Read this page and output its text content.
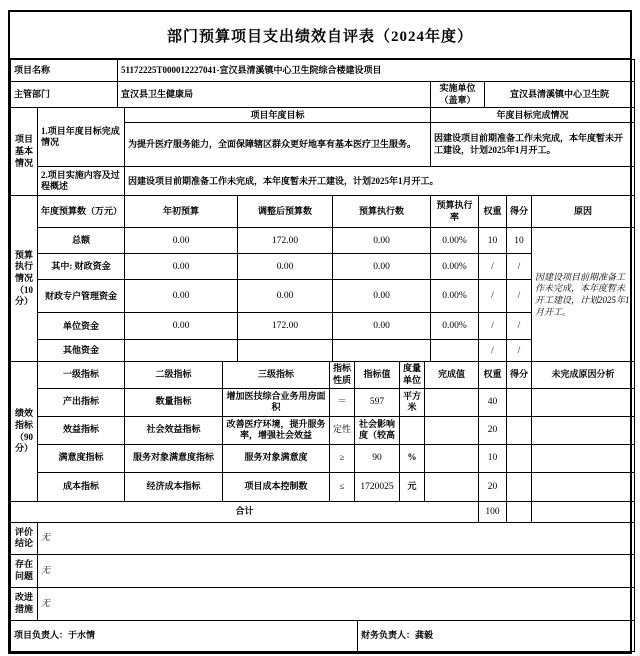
部门预算项目支出绩效自评表（2024年度）
项目名称	51172225T000012227041-宣汉县清溪镇中心卫生院综合楼建设项目		
主管部门	宣汉县卫生健康局	实施单位（盖章）	宣汉县清溪镇中心卫生院
项目基本情况	1.项目年度目标完成情况	项目年度目标	年度目标完成情况
		为提升医疗服务能力，全面保障辖区群众更好地享有基本医疗卫生服务。	因建设项目前期准备工作未完成，本年度暂未开工建设，计划2025年1月开工。
	2.项目实施内容及过程概述	因建设项目前期准备工作未完成，本年度暂未开工建设，计划2025年1月开工。	
预算执行情况（10分）	年度预算数（万元）	年初预算	调整后预算数	预算执行数	预算执行率	权重	得分	原因
	总额	0.00	172.00	0.00	0.00%	10	10	因建设项目前期准备工作未完成，本年度暂未开工建设，计划2025年1月开工。
	其中: 财政资金	0.00	0.00	0.00	0.00%	/	/	
	财政专户管理资金	0.00	0.00	0.00	0.00%	/	/	
	单位资金	0.00	172.00	0.00	0.00%	/	/	
	其他资金					/	/	
绩效指标（90分）	一级指标	二级指标	三级指标	指标性质	指标值	度量单位	完成值	权重	得分	未完成原因分析
	产出指标	数量指标	增加医技综合业务用房面积	＝	597	平方米		40		
	效益指标	社会效益指标	改善医疗环境，提升服务率，增强社会效益	定性	社会影响度（较高			20		
	满意度指标	服务对象满意度指标	服务对象满意度	≥	90	%		10		
	成本指标	经济成本指标	项目成本控制数	≤	1720025	元		20		
合计								100		
评价结论	无
存在问题	无
改进措施	无
项目负责人：于水情	财务负责人：龚毅
